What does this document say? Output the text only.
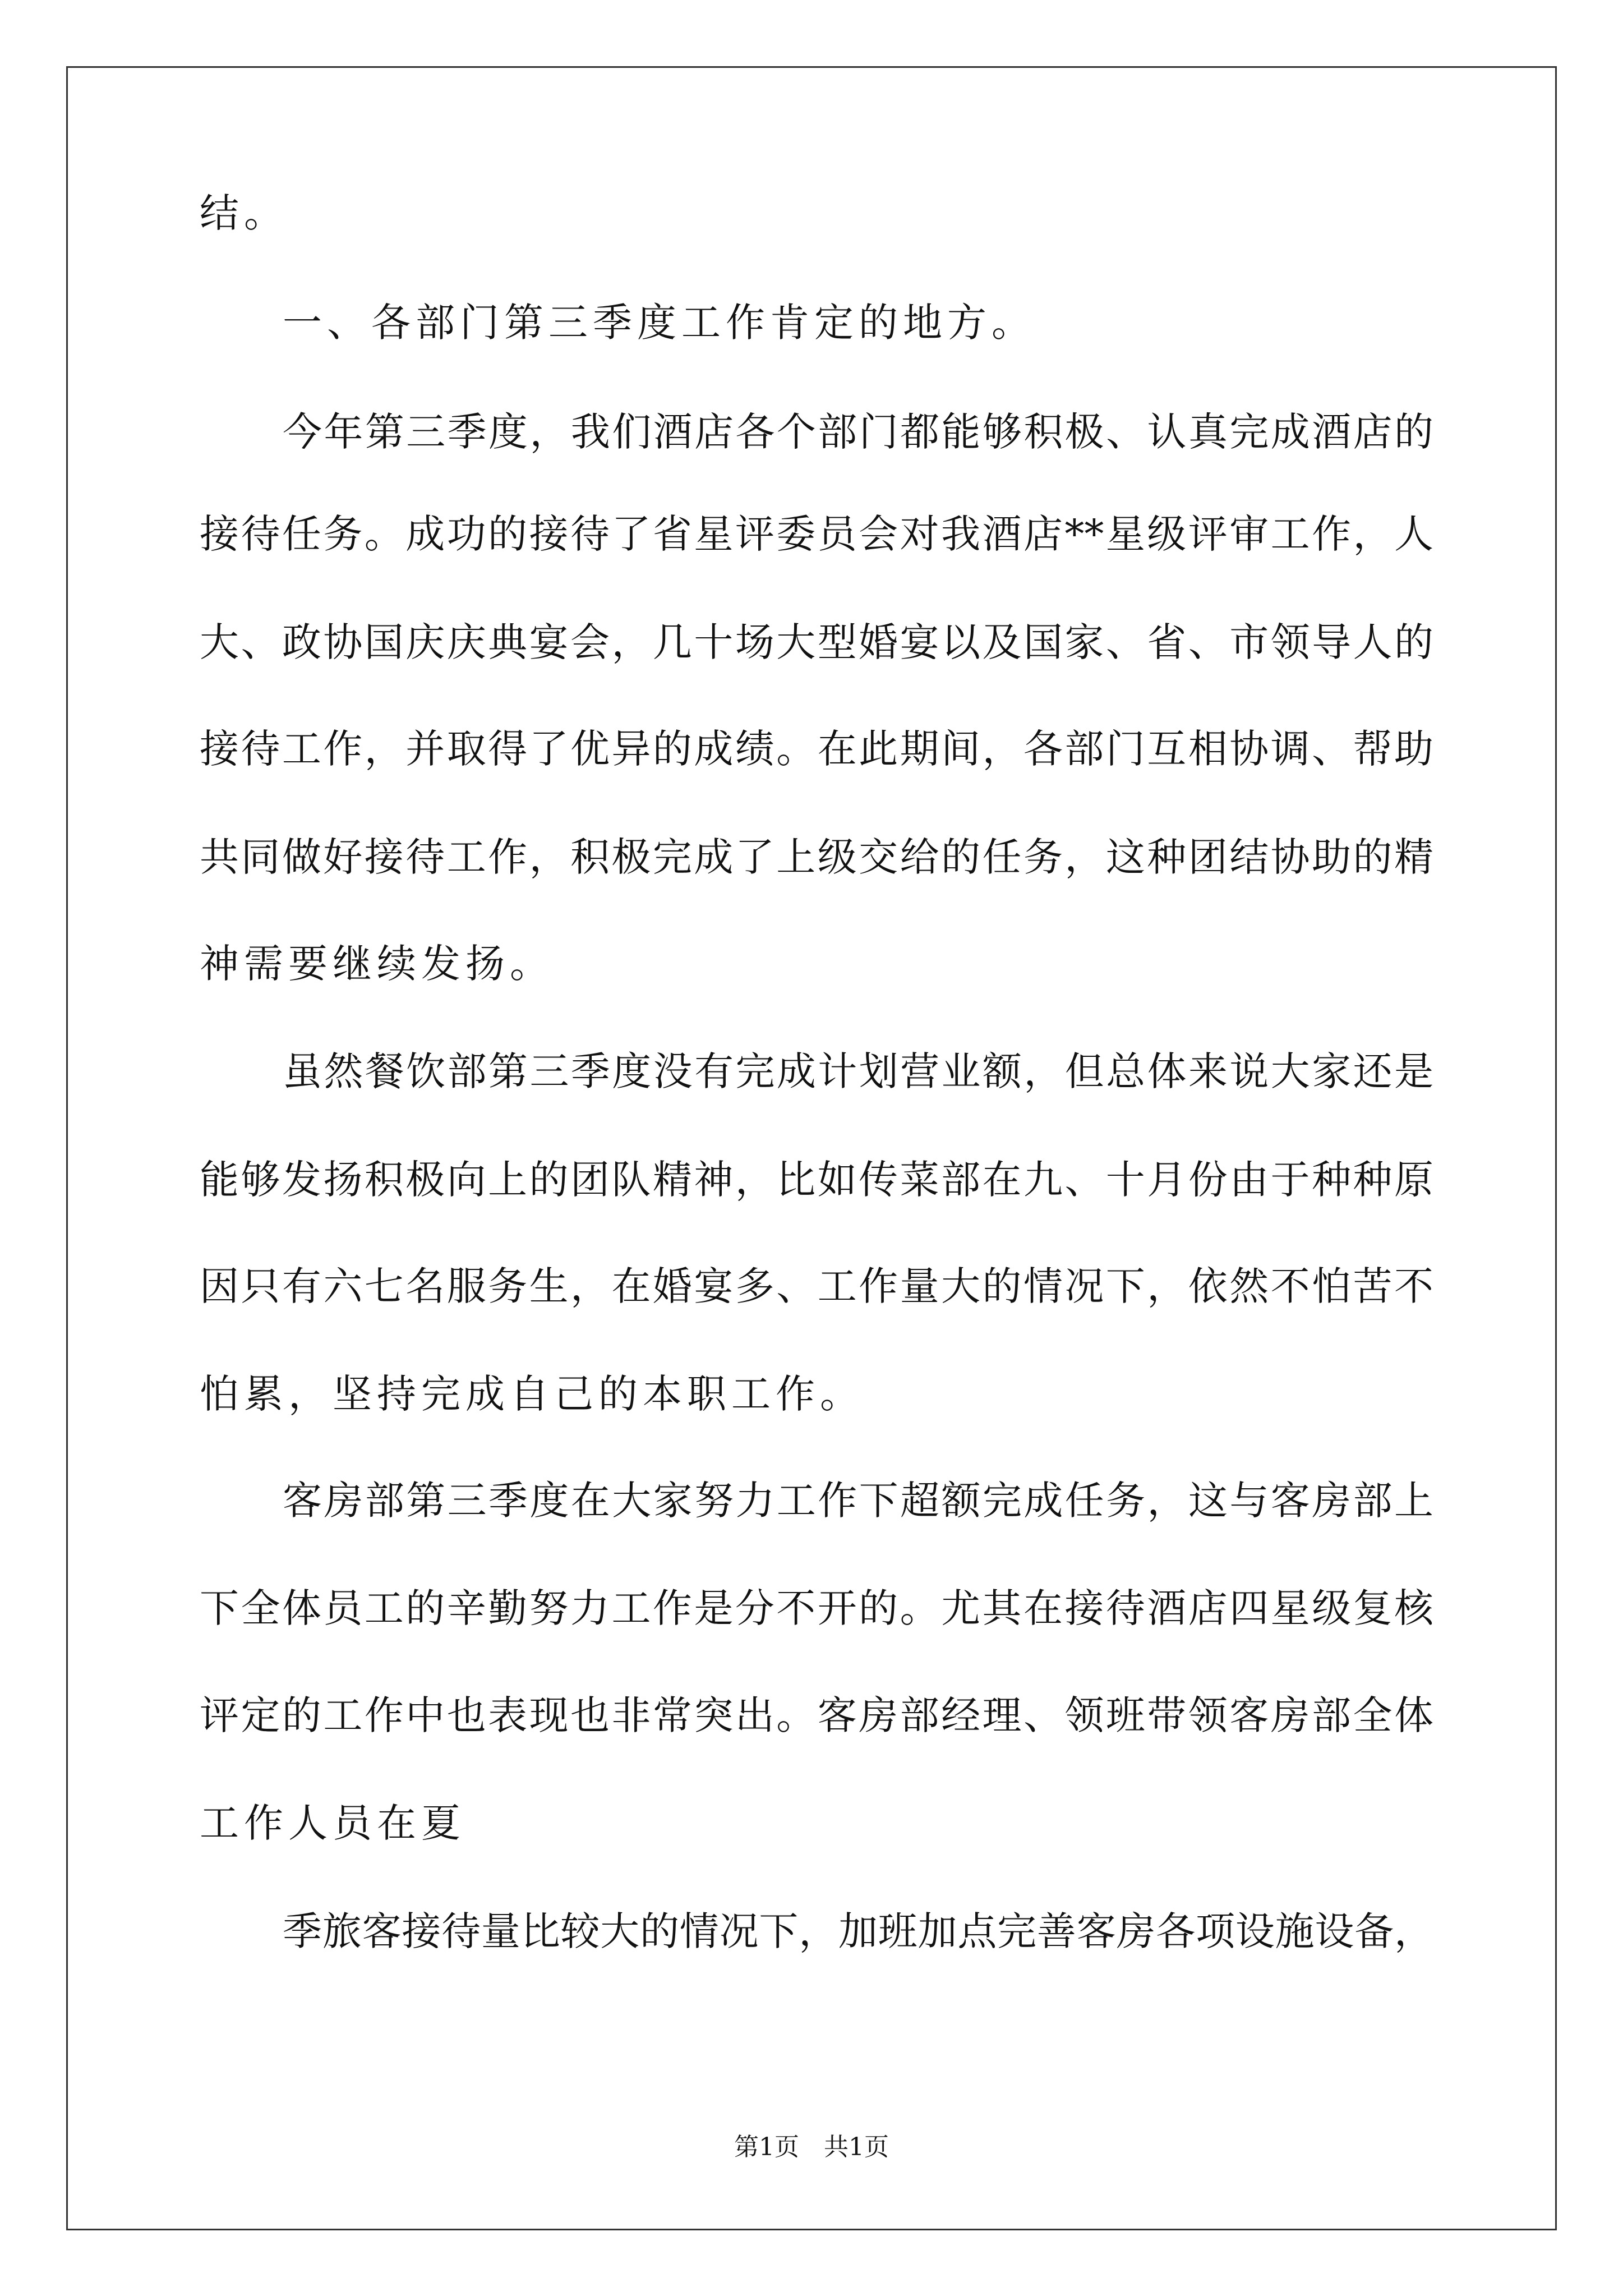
结。
一、各部门第三季度工作肯定的地方。
今年第三季度，我们酒店各个部门都能够积极、认真完成酒店的
接待任务。成功的接待了省星评委员会对我酒店**星级评审工作，人
大、政协国庆庆典宴会，几十场大型婚宴以及国家、省、市领导人的
接待工作，并取得了优异的成绩。在此期间，各部门互相协调、帮助
共同做好接待工作，积极完成了上级交给的任务，这种团结协助的精
神需要继续发扬。
虽然餐饮部第三季度没有完成计划营业额，但总体来说大家还是
能够发扬积极向上的团队精神，比如传菜部在九、十月份由于种种原
因只有六七名服务生，在婚宴多、工作量大的情况下，依然不怕苦不
怕累，坚持完成自己的本职工作。
客房部第三季度在大家努力工作下超额完成任务，这与客房部上
下全体员工的辛勤努力工作是分不开的。尤其在接待酒店四星级复核
评定的工作中也表现也非常突出。客房部经理、领班带领客房部全体
工作人员在夏
季旅客接待量比较大的情况下，加班加点完善客房各项设施设备，
第1页 共1页
